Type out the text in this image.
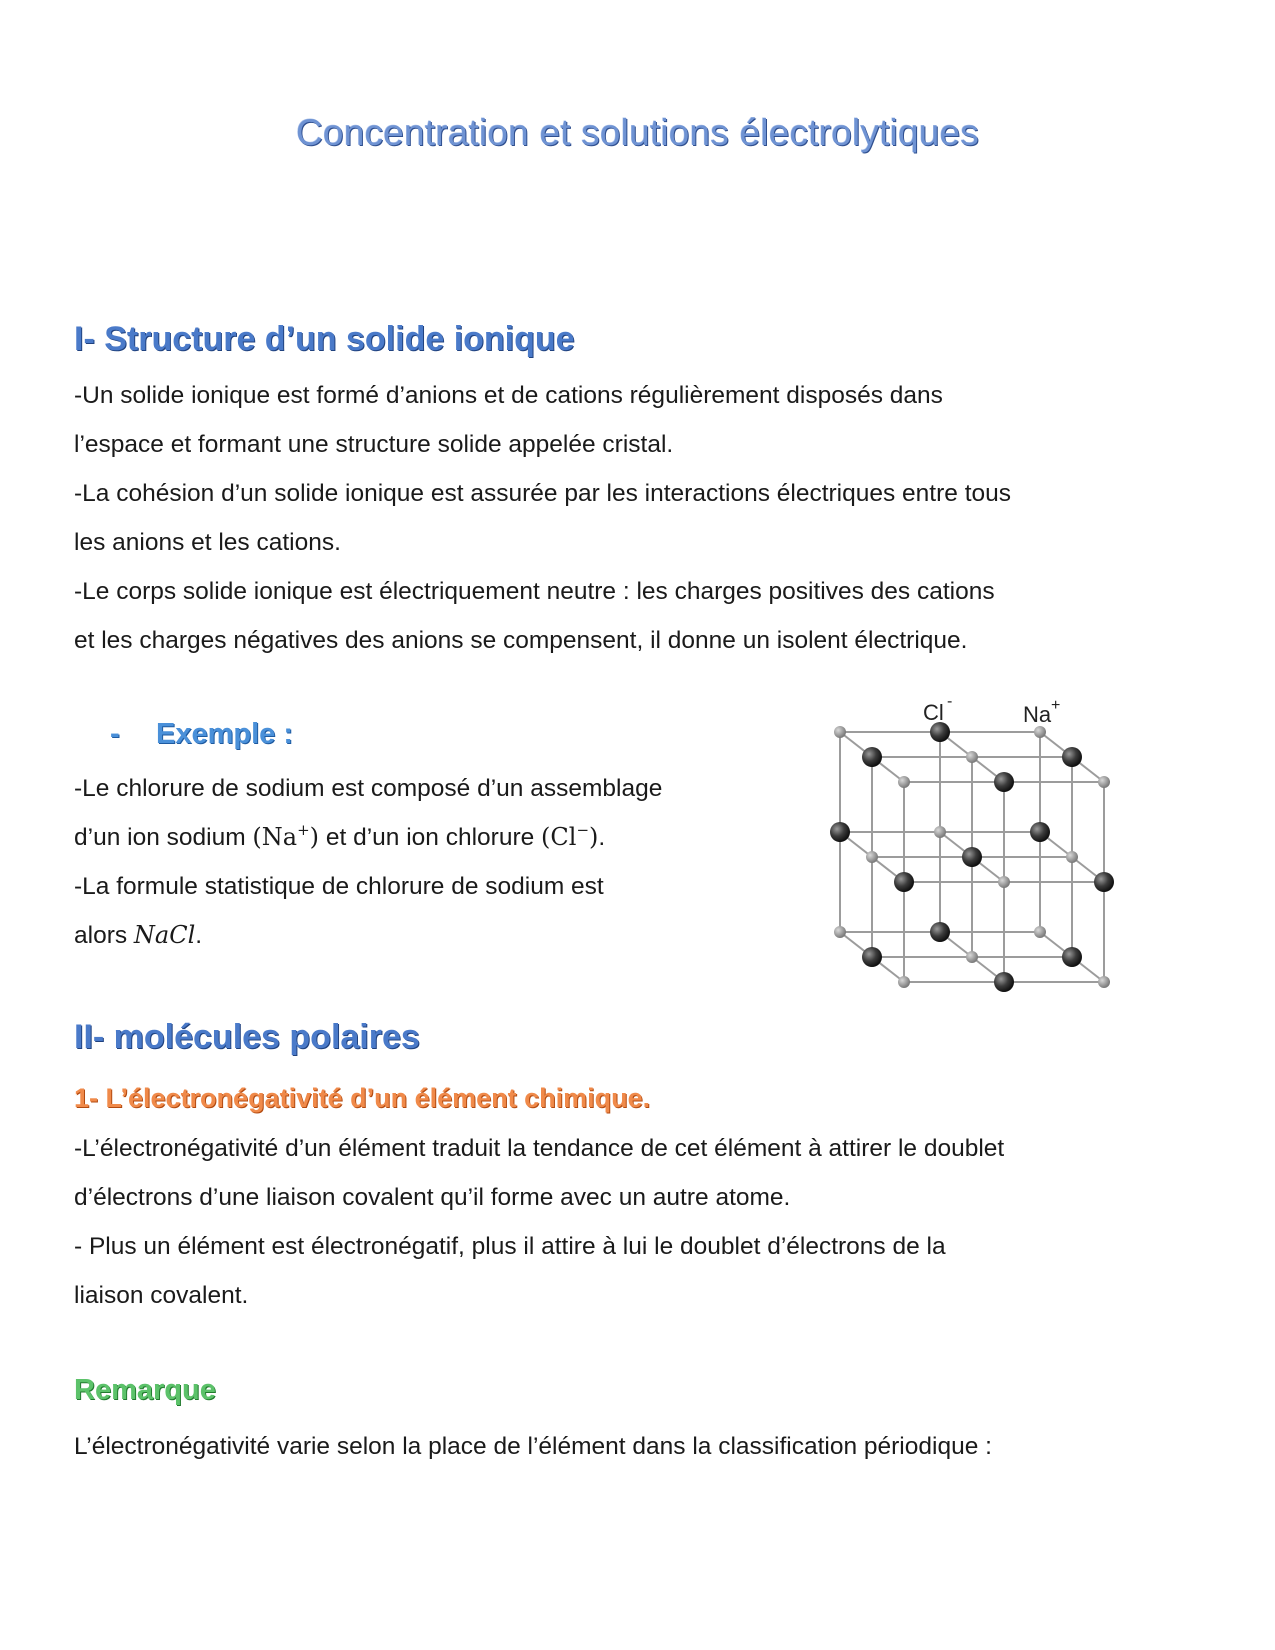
Concentration et solutions électrolytiques
I- Structure d’un solide ionique
-Un solide ionique est formé d’anions et de cations régulièrement disposés dans
l’espace et formant une structure solide appelée cristal.
-La cohésion d’un solide ionique est assurée par les interactions électriques entre tous
les anions et les cations.
-Le corps solide ionique est électriquement neutre : les charges positives des cations
et les charges négatives des anions se compensent, il donne un isolent électrique.
- Exemple :
-Le chlorure de sodium est composé d’un assemblage
d’un ion sodium (Na+) et d’un ion chlorure (Cl−).
-La formule statistique de chlorure de sodium est
alors NaCl.
Cl -
Na +
II- molécules polaires
1- L’électronégativité d’un élément chimique.
-L’électronégativité d’un élément traduit la tendance de cet élément à attirer le doublet
d’électrons d’une liaison covalent qu’il forme avec un autre atome.
- Plus un élément est électronégatif, plus il attire à lui le doublet d’électrons de la
liaison covalent.
Remarque
L’électronégativité varie selon la place de l’élément dans la classification périodique :
